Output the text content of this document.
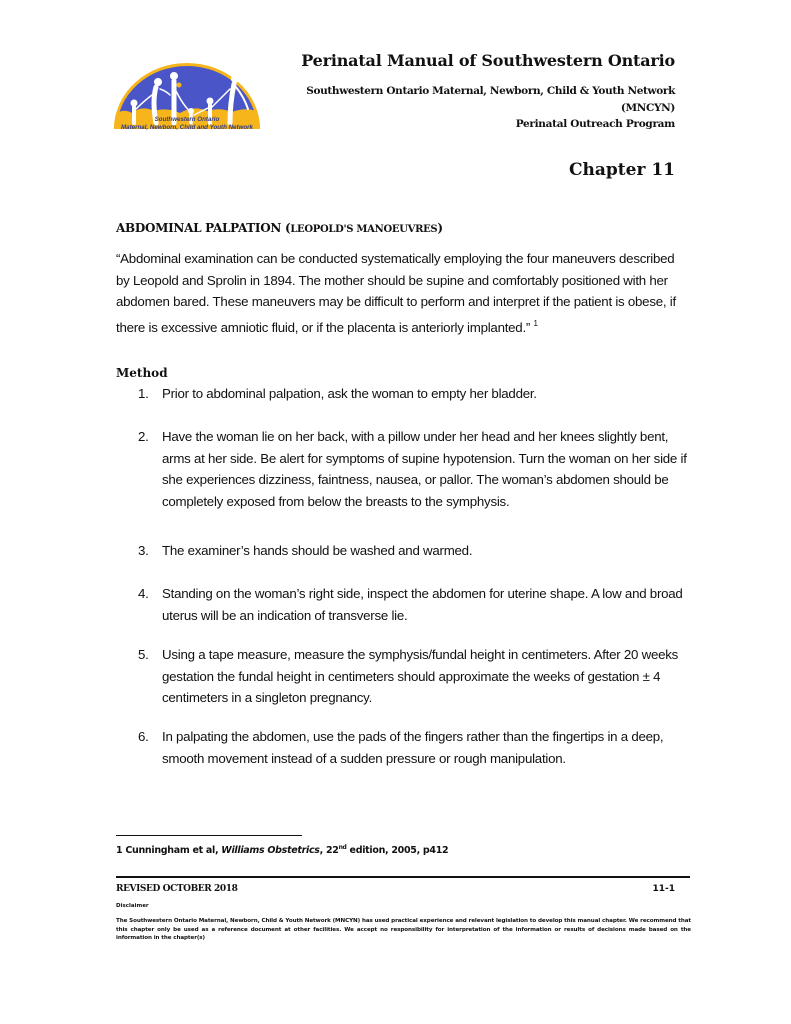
Southwestern Ontario
Maternal, Newborn, Child and Youth Network
Perinatal Manual of Southwestern Ontario
Southwestern Ontario Maternal, Newborn, Child & Youth Network
(MNCYN)
Perinatal Outreach Program
Chapter 11
ABDOMINAL PALPATION (LEOPOLD'S MANOEUVRES)
“Abdominal examination can be conducted systematically employing the four maneuvers described by Leopold and Sprolin in 1894. The mother should be supine and comfortably positioned with her abdomen bared. These maneuvers may be difficult to perform and interpret if the patient is obese, if there is excessive amniotic fluid, or if the placenta is anteriorly implanted.” $^1$
Method
1.	Prior to abdominal palpation, ask the woman to empty her bladder.
2.	Have the woman lie on her back, with a pillow under her head and her knees slightly bent, arms at her side. Be alert for symptoms of supine hypotension. Turn the woman on her side if she experiences dizziness, faintness, nausea, or pallor. The woman’s abdomen should be completely exposed from below the breasts to the symphysis.
3.	The examiner’s hands should be washed and warmed.
4.	Standing on the woman’s right side, inspect the abdomen for uterine shape. A low and broad uterus will be an indication of transverse lie.
5.	Using a tape measure, measure the symphysis/fundal height in centimeters. After 20 weeks gestation the fundal height in centimeters should approximate the weeks of gestation ± 4 centimeters in a singleton pregnancy.
6.	In palpating the abdomen, use the pads of the fingers rather than the fingertips in a deep, smooth movement instead of a sudden pressure or rough manipulation.
1 Cunningham et al, Williams Obstetrics, 22nd edition, 2005, p412
REVISED OCTOBER 2018	11-1
Disclaimer
The Southwestern Ontario Maternal, Newborn, Child & Youth Network (MNCYN) has used practical experience and relevant legislation to develop this manual chapter. We recommend that this chapter only be used as a reference document at other facilities. We accept no responsibility for interpretation of the information or results of decisions made based on the information in the chapter(s)
